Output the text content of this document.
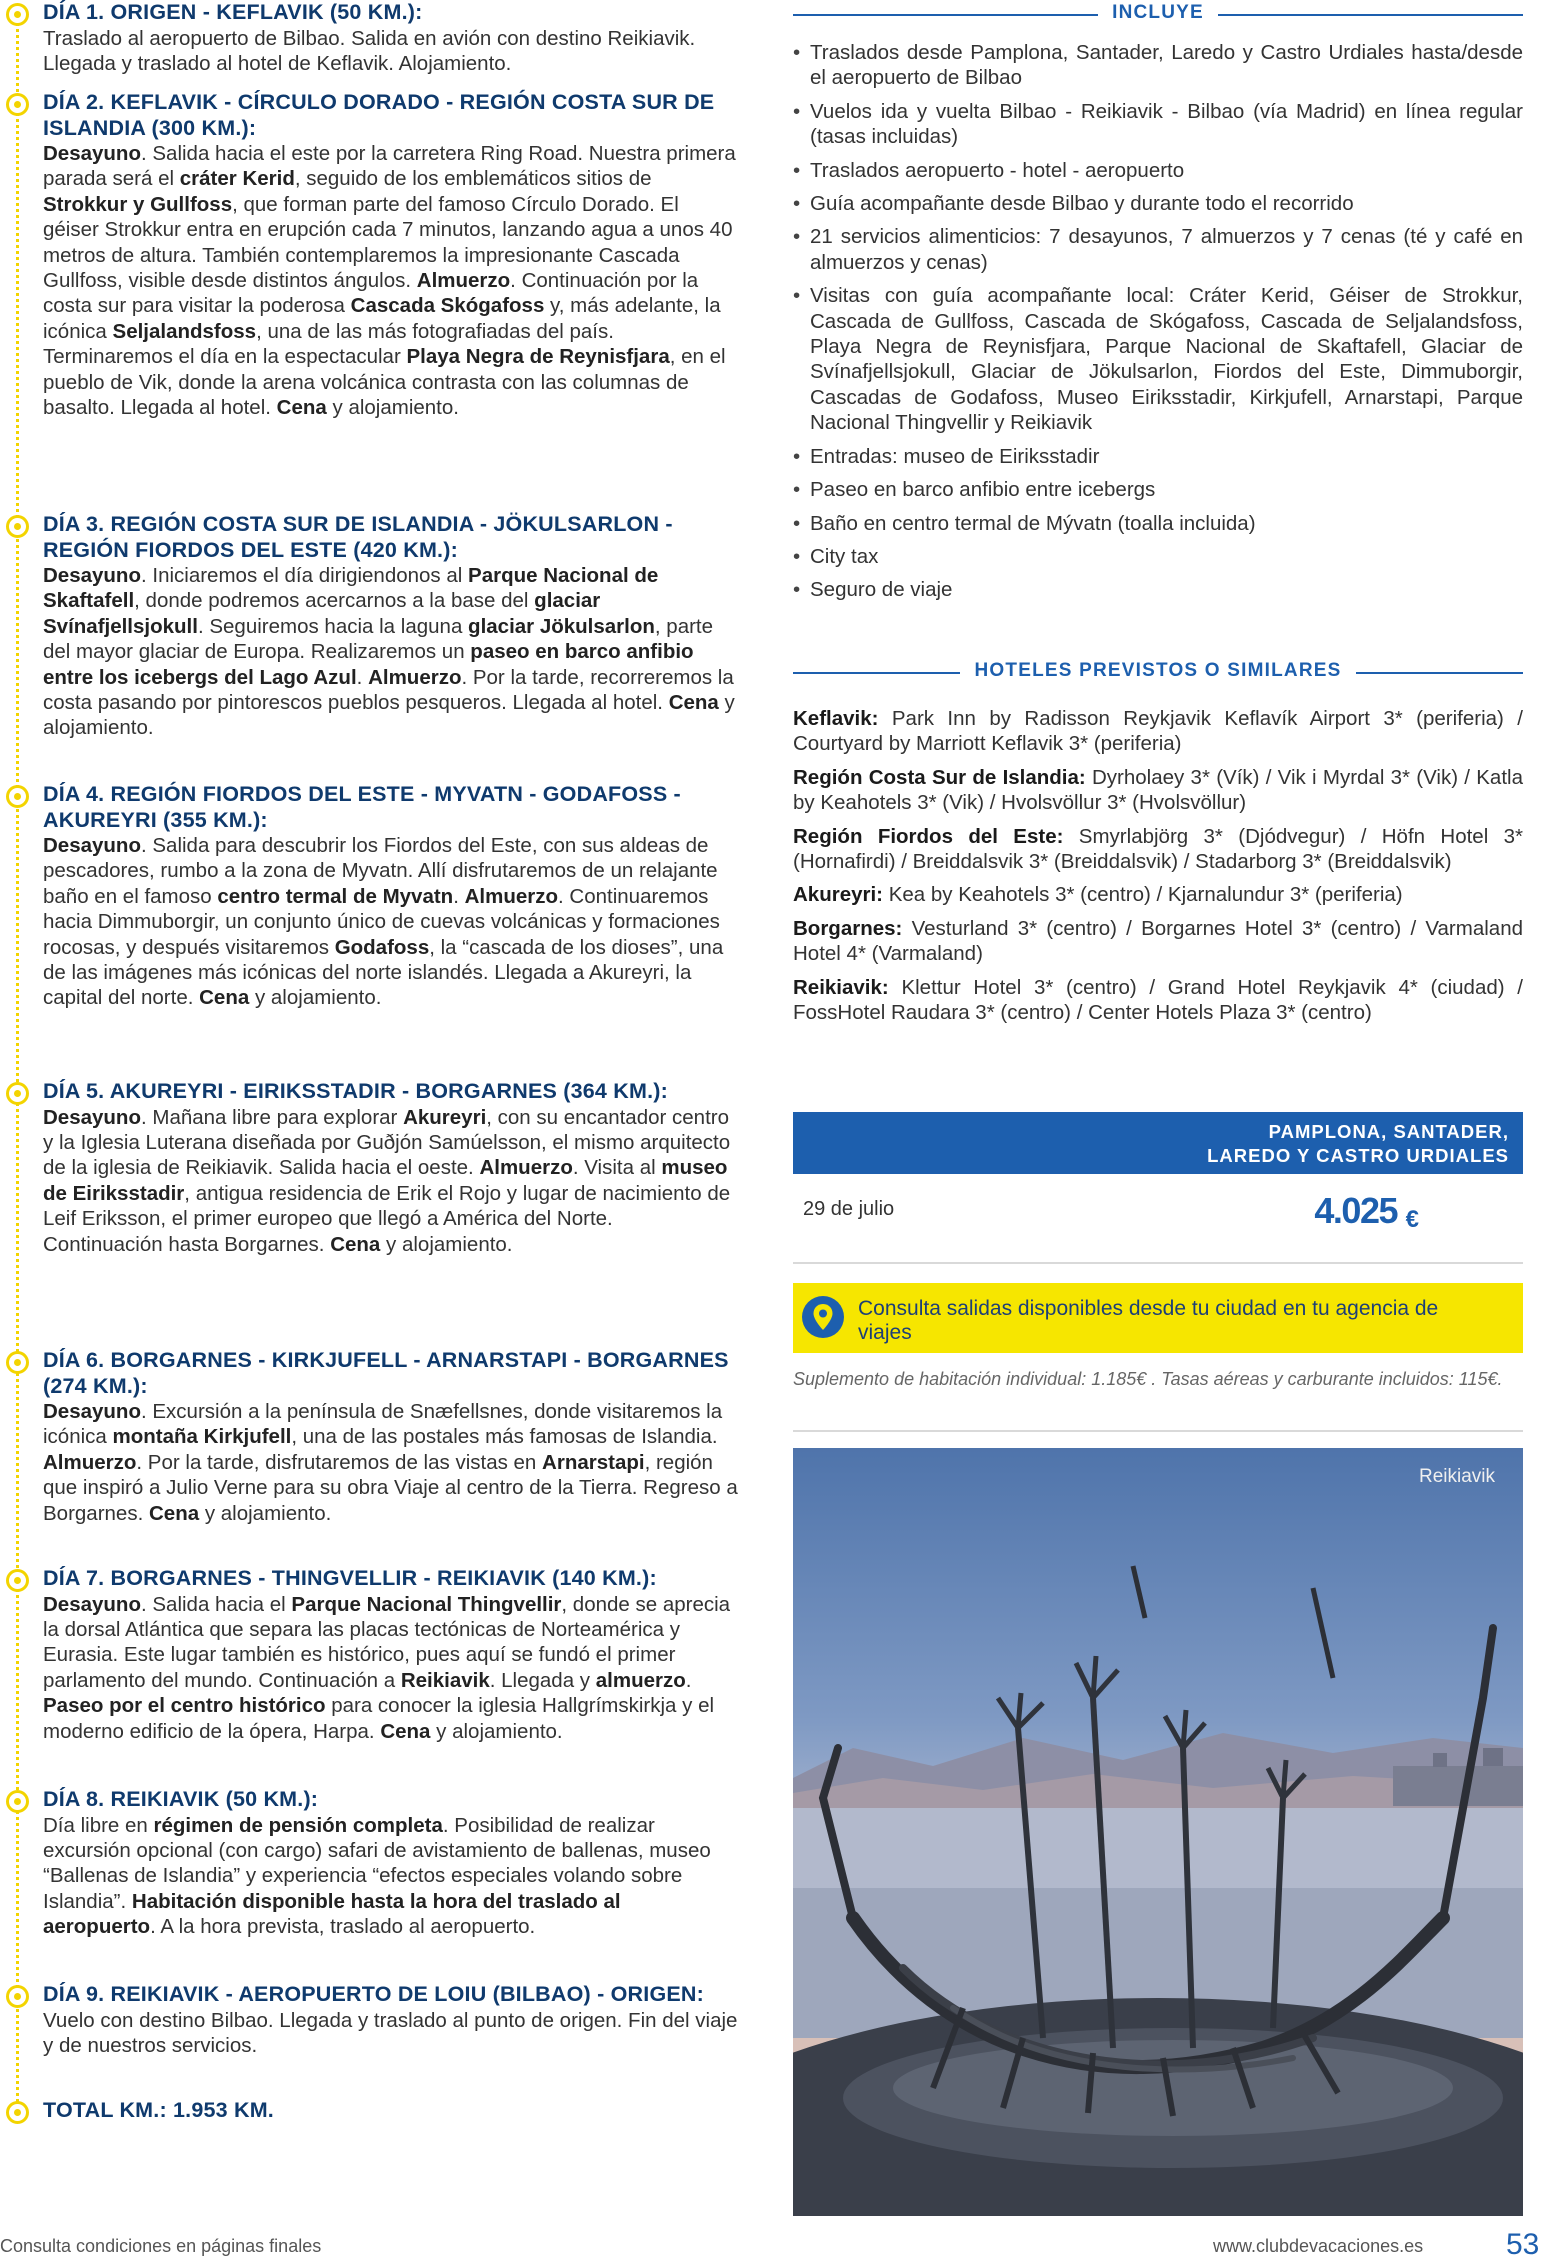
DÍA 1. ORIGEN - KEFLAVIK (50 KM.):
Traslado al aeropuerto de Bilbao. Salida en avión con destino Reikiavik. Llegada y traslado al hotel de Keflavik. Alojamiento.
DÍA 2. KEFLAVIK - CÍRCULO DORADO - REGIÓN COSTA SUR DE ISLANDIA (300 KM.):
Desayuno. Salida hacia el este por la carretera Ring Road. Nuestra primera parada será el cráter Kerid, seguido de los emblemáticos sitios de Strokkur y Gullfoss, que forman parte del famoso Círculo Dorado. El géiser Strokkur entra en erupción cada 7 minutos, lanzando agua a unos 40 metros de altura. También contemplaremos la impresionante Cascada Gullfoss, visible desde distintos ángulos. Almuerzo. Continuación por la costa sur para visitar la poderosa Cascada Skógafoss y, más adelante, la icónica Seljalandsfoss, una de las más fotografiadas del país. Terminaremos el día en la espectacular Playa Negra de Reynisfjara, en el pueblo de Vik, donde la arena volcánica contrasta con las columnas de basalto. Llegada al hotel. Cena y alojamiento.
DÍA 3. REGIÓN COSTA SUR DE ISLANDIA - JÖKULSARLON - REGIÓN FIORDOS DEL ESTE (420 KM.):
Desayuno. Iniciaremos el día dirigiendonos al Parque Nacional de Skaftafell, donde podremos acercarnos a la base del glaciar Svínafjellsjokull. Seguiremos hacia la laguna glaciar Jökulsarlon, parte del mayor glaciar de Europa. Realizaremos un paseo en barco anfibio entre los icebergs del Lago Azul. Almuerzo. Por la tarde, recorreremos la costa pasando por pintorescos pueblos pesqueros. Llegada al hotel. Cena y alojamiento.
DÍA 4. REGIÓN FIORDOS DEL ESTE - MYVATN - GODAFOSS - AKUREYRI (355 KM.):
Desayuno. Salida para descubrir los Fiordos del Este, con sus aldeas de pescadores, rumbo a la zona de Myvatn. Allí disfrutaremos de un relajante baño en el famoso centro termal de Myvatn. Almuerzo. Continuaremos hacia Dimmuborgir, un conjunto único de cuevas volcánicas y formaciones rocosas, y después visitaremos Godafoss, la “cascada de los dioses”, una de las imágenes más icónicas del norte islandés. Llegada a Akureyri, la capital del norte. Cena y alojamiento.
DÍA 5. AKUREYRI - EIRIKSSTADIR - BORGARNES (364 KM.):
Desayuno. Mañana libre para explorar Akureyri, con su encantador centro y la Iglesia Luterana diseñada por Guðjón Samúelsson, el mismo arquitecto de la iglesia de Reikiavik. Salida hacia el oeste. Almuerzo. Visita al museo de Eiriksstadir, antigua residencia de Erik el Rojo y lugar de nacimiento de Leif Eriksson, el primer europeo que llegó a América del Norte. Continuación hasta Borgarnes. Cena y alojamiento.
DÍA 6. BORGARNES - KIRKJUFELL - ARNARSTAPI - BORGARNES (274 KM.):
Desayuno. Excursión a la península de Snæfellsnes, donde visitaremos la icónica montaña Kirkjufell, una de las postales más famosas de Islandia. Almuerzo. Por la tarde, disfrutaremos de las vistas en Arnarstapi, región que inspiró a Julio Verne para su obra Viaje al centro de la Tierra. Regreso a Borgarnes. Cena y alojamiento.
DÍA 7. BORGARNES - THINGVELLIR - REIKIAVIK (140 KM.):
Desayuno. Salida hacia el Parque Nacional Thingvellir, donde se aprecia la dorsal Atlántica que separa las placas tectónicas de Norteamérica y Eurasia. Este lugar también es histórico, pues aquí se fundó el primer parlamento del mundo. Continuación a Reikiavik. Llegada y almuerzo. Paseo por el centro histórico para conocer la iglesia Hallgrímskirkja y el moderno edificio de la ópera, Harpa. Cena y alojamiento.
DÍA 8. REIKIAVIK (50 KM.):
Día libre en régimen de pensión completa. Posibilidad de realizar excursión opcional (con cargo) safari de avistamiento de ballenas, museo “Ballenas de Islandia” y experiencia “efectos especiales volando sobre Islandia”. Habitación disponible hasta la hora del traslado al aeropuerto. A la hora prevista, traslado al aeropuerto.
DÍA 9. REIKIAVIK - AEROPUERTO DE LOIU (BILBAO) - ORIGEN:
Vuelo con destino Bilbao. Llegada y traslado al punto de origen. Fin del viaje y de nuestros servicios.
TOTAL KM.: 1.953 KM.
INCLUYE
• Traslados desde Pamplona, Santader, Laredo y Castro Urdiales hasta/desde el aeropuerto de Bilbao
• Vuelos ida y vuelta Bilbao - Reikiavik - Bilbao (vía Madrid) en línea regular (tasas incluidas)
• Traslados aeropuerto - hotel - aeropuerto
• Guía acompañante desde Bilbao y durante todo el recorrido
• 21 servicios alimenticios: 7 desayunos, 7 almuerzos y 7 cenas (té y café en almuerzos y cenas)
• Visitas con guía acompañante local: Cráter Kerid, Géiser de Strokkur, Cascada de Gullfoss, Cascada de Skógafoss, Cascada de Seljalandsfoss, Playa Negra de Reynisfjara, Parque Nacional de Skaftafell, Glaciar de Svínafjellsjokull, Glaciar de Jökulsarlon, Fiordos del Este, Dimmuborgir, Cascadas de Godafoss, Museo Eiriksstadir, Kirkjufell, Arnarstapi, Parque Nacional Thingvellir y Reikiavik
• Entradas: museo de Eiriksstadir
• Paseo en barco anfibio entre icebergs
• Baño en centro termal de Mývatn (toalla incluida)
• City tax
• Seguro de viaje
HOTELES PREVISTOS O SIMILARES
Keflavik: Park Inn by Radisson Reykjavik Keflavík Airport 3* (periferia) / Courtyard by Marriott Keflavik 3* (periferia)
Región Costa Sur de Islandia: Dyrholaey 3* (Vík) / Vik i Myrdal 3* (Vik) / Katla by Keahotels 3* (Vik) / Hvolsvöllur 3* (Hvolsvöllur)
Región Fiordos del Este: Smyrlabjörg 3* (Djódvegur) / Höfn Hotel 3* (Hornafirdi) / Breiddalsvik 3* (Breiddalsvik) / Stadarborg 3* (Breiddalsvik)
Akureyri: Kea by Keahotels 3* (centro) / Kjarnalundur 3* (periferia)
Borgarnes: Vesturland 3* (centro) / Borgarnes Hotel 3* (centro) / Varmaland Hotel 4* (Varmaland)
Reikiavik: Klettur Hotel 3* (centro) / Grand Hotel Reykjavik 4* (ciudad) / FossHotel Raudara 3* (centro) / Center Hotels Plaza 3* (centro)
PAMPLONA, SANTADER,
LAREDO Y CASTRO URDIALES
29 de julio	4.025 €
Consulta salidas disponibles desde tu ciudad en tu agencia de viajes
Suplemento de habitación individual: 1.185€ . Tasas aéreas y carburante incluidos: 115€.
Reikiavik
Consulta condiciones en páginas finales	www.clubdevacaciones.es	53
